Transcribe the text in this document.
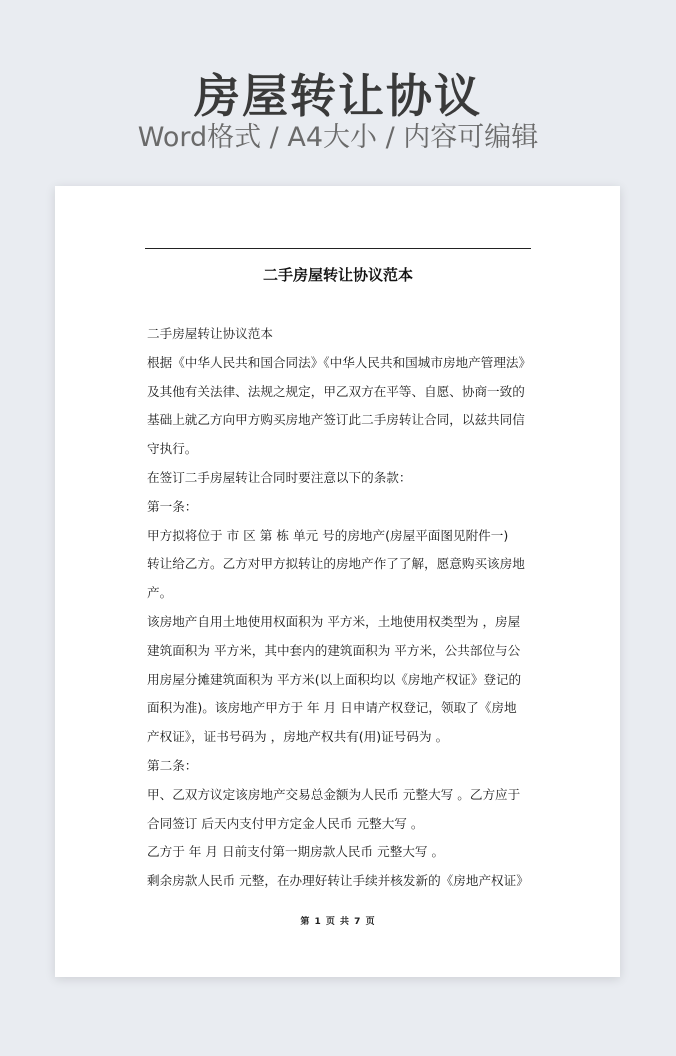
房屋转让协议
Word格式 / A4大小 / 内容可编辑
二手房屋转让协议范本
二手房屋转让协议范本
根据《中华人民共和国合同法》《中华人民共和国城市房地产管理法》
及其他有关法律、法规之规定，甲乙双方在平等、自愿、协商一致的
基础上就乙方向甲方购买房地产签订此二手房转让合同，以兹共同信
守执行。
在签订二手房屋转让合同时要注意以下的条款：
第一条：
甲方拟将位于 市 区 第 栋 单元 号的房地产(房屋平面图见附件一)
转让给乙方。乙方对甲方拟转让的房地产作了了解，愿意购买该房地
产。
该房地产自用土地使用权面积为 平方米，土地使用权类型为 ，房屋
建筑面积为 平方米，其中套内的建筑面积为 平方米，公共部位与公
用房屋分摊建筑面积为 平方米(以上面积均以《房地产权证》登记的
面积为准)。该房地产甲方于 年 月 日申请产权登记，领取了《房地
产权证》，证书号码为 ，房地产权共有(用)证号码为 。
第二条：
甲、乙双方议定该房地产交易总金额为人民币 元整大写 。乙方应于
合同签订 后天内支付甲方定金人民币 元整大写 。
乙方于 年 月 日前支付第一期房款人民币 元整大写 。
剩余房款人民币 元整，在办理好转让手续并核发新的《房地产权证》
第 1 页 共 7 页
